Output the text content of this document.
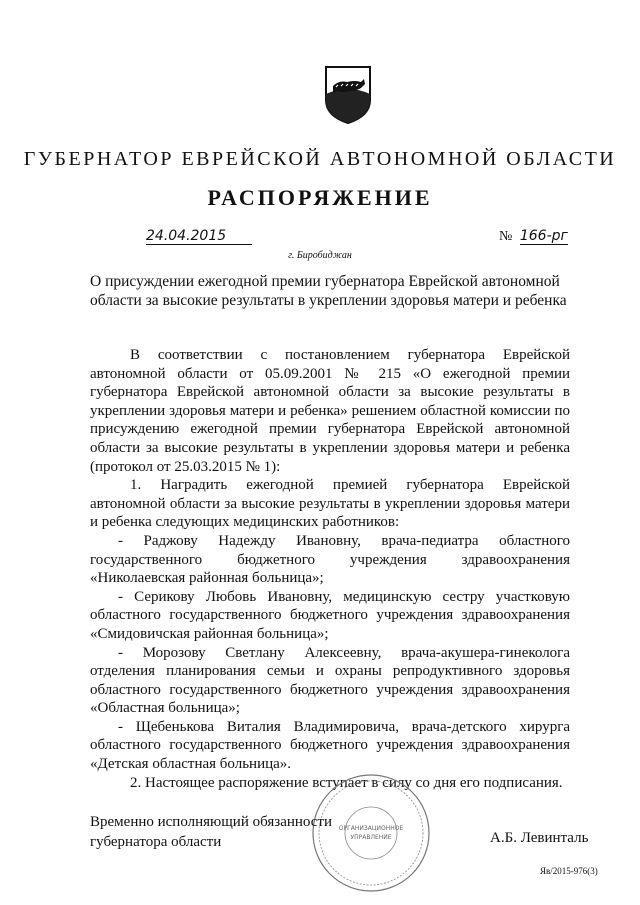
ГУБЕРНАТОР ЕВРЕЙСКОЙ АВТОНОМНОЙ ОБЛАСТИ
РАСПОРЯЖЕНИЕ
24.04.2015	№ 166-рг
г. Биробиджан
О присуждении ежегодной премии губернатора Еврейской автономной области за высокие результаты в укреплении здоровья матери и ребенка

В соответствии с постановлением губернатора Еврейской автономной области от 05.09.2001 № 215 «О ежегодной премии губернатора Еврейской автономной области за высокие результаты в укреплении здоровья матери и ребенка» решением областной комиссии по присуждению ежегодной премии губернатора Еврейской автономной области за высокие результаты в укреплении здоровья матери и ребенка (протокол от 25.03.2015 № 1):

1. Наградить ежегодной премией губернатора Еврейской автономной области за высокие результаты в укреплении здоровья матери и ребенка следующих медицинских работников:

- Раджову Надежду Ивановну, врача-педиатра областного государственного бюджетного учреждения здравоохранения «Николаевская районная больница»;

- Серикову Любовь Ивановну, медицинскую сестру участковую областного государственного бюджетного учреждения здравоохранения «Смидовичская районная больница»;

- Морозову Светлану Алексеевну, врача-акушера-гинеколога отделения планирования семьи и охраны репродуктивного здоровья областного государственного бюджетного учреждения здравоохранения «Областная больница»;

- Щебенькова Виталия Владимировича, врача-детского хирурга областного государственного бюджетного учреждения здравоохранения «Детская областная больница».

2. Настоящее распоряжение вступает в силу со дня его подписания.

ОРГАНИЗАЦИОННОЕ
УПРАВЛЕНИЕ
Временно исполняющий обязанности
губернатора области	А.Б. Левинталь
Яв/2015-976(3)
